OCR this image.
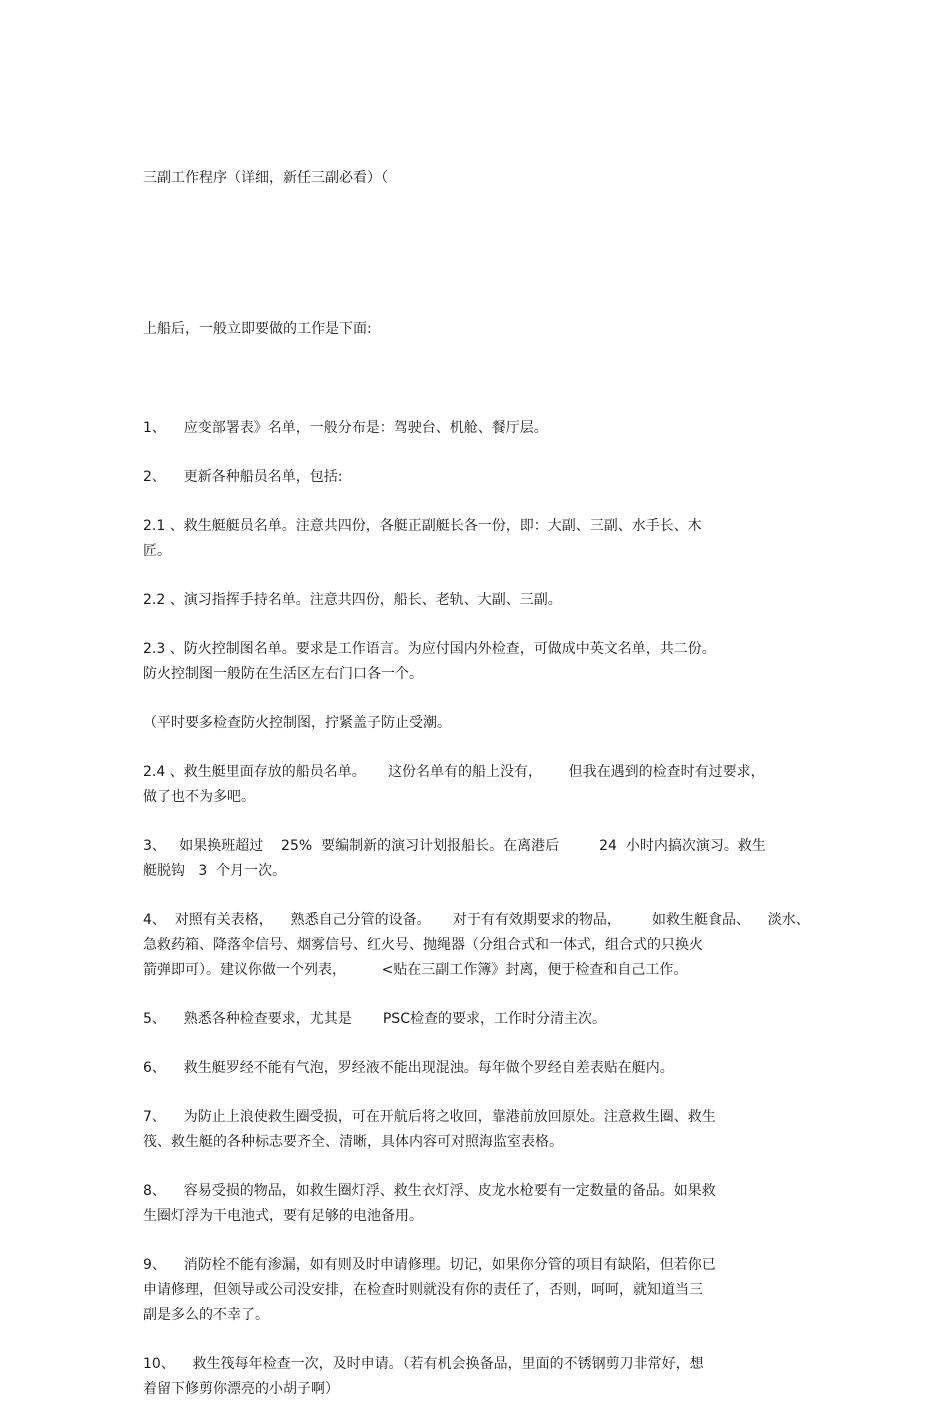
三副工作程序（详细，新任三副必看）（

上船后，一般立即要做的工作是下面:

1、    应变部署表》名单，一般分布是：驾驶台、机舱、餐厅层。

2、    更新各种船员名单，包括:

2.1 、救生艇艇员名单。注意共四份，各艇正副艇长各一份，即：大副、三副、水手长、木
匠。

2.2 、演习指挥手持名单。注意共四份，船长、老轨、大副、三副。

2.3 、防火控制图名单。要求是工作语言。为应付国内外检查，可做成中英文名单，共二份。
防火控制图一般防在生活区左右门口各一个。

（平时要多检查防火控制图，拧紧盖子防止受潮。

2.4 、救生艇里面存放的船员名单。     这份名单有的船上没有，      但我在遇到的检查时有过要求，
做了也不为多吧。

3、   如果换班超过    25%  要编制新的演习计划报船长。在离港后         24  小时内搞次演习。救生
艇脱钩   3  个月一次。

4、  对照有关表格，    熟悉自己分管的设备。     对于有有效期要求的物品，       如救生艇食品、    淡水、
急救药箱、降落伞信号、烟雾信号、红火号、抛绳器（分组合式和一体式，组合式的只换火
箭弹即可）。建议你做一个列表，        <贴在三副工作簿》封离，便于检查和自己工作。

5、    熟悉各种检查要求，尤其是       PSC检查的要求，工作时分清主次。

6、    救生艇罗经不能有气泡，罗经液不能出现混浊。每年做个罗经自差表贴在艇内。

7、    为防止上浪使救生圈受损，可在开航后将之收回，靠港前放回原处。注意救生圈、救生
筏、救生艇的各种标志要齐全、清晰，具体内容可对照海监室表格。

8、    容易受损的物品，如救生圈灯浮、救生衣灯浮、皮龙水枪要有一定数量的备品。如果救
生圈灯浮为干电池式，要有足够的电池备用。

9、    消防栓不能有渗漏，如有则及时申请修理。切记，如果你分管的项目有缺陷，但若你已
申请修理，但领导或公司没安排，在检查时则就没有你的责任了，否则，呵呵，就知道当三
副是多么的不幸了。

10、    救生筏每年检查一次，及时申请。（若有机会换备品，里面的不锈钢剪刀非常好，想
着留下修剪你漂亮的小胡子啊）
